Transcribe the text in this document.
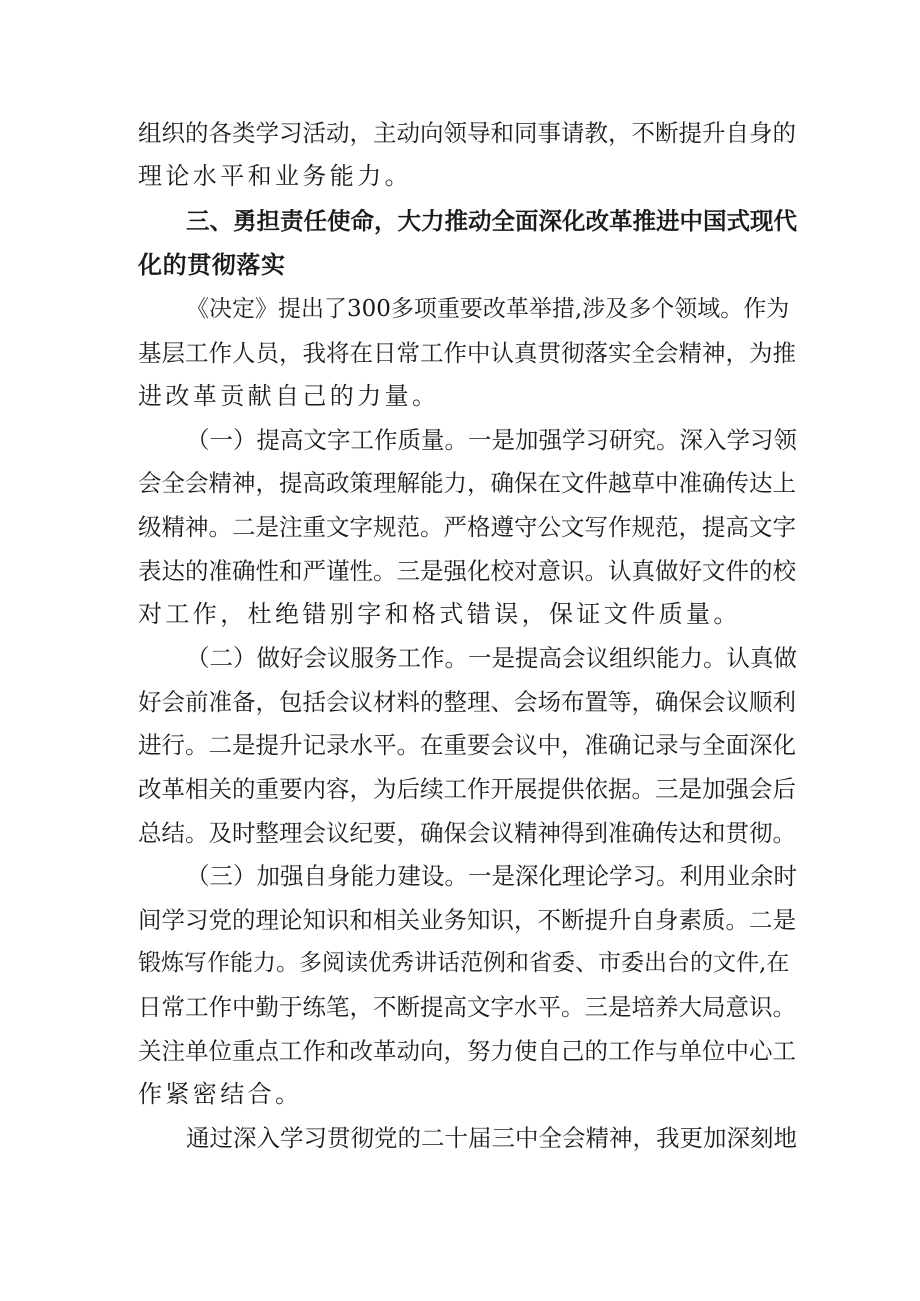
组织的各类学习活动，主动向领导和同事请教，不断提升自身的
理论水平和业务能力。
三、勇担责任使命，大力推动全面深化改革推进中国式现代
化的贯彻落实
《决定》提出了300多项重要改革举措,涉及多个领域。作为
基层工作人员，我将在日常工作中认真贯彻落实全会精神，为推
进改革贡献自己的力量。
（一）提高文字工作质量。一是加强学习研究。深入学习领
会全会精神，提高政策理解能力，确保在文件越草中准确传达上
级精神。二是注重文字规范。严格遵守公文写作规范，提高文字
表达的准确性和严谨性。三是强化校对意识。认真做好文件的校
对工作，杜绝错别字和格式错误，保证文件质量。
（二）做好会议服务工作。一是提高会议组织能力。认真做
好会前准备，包括会议材料的整理、会场布置等，确保会议顺利
进行。二是提升记录水平。在重要会议中，准确记录与全面深化
改革相关的重要内容，为后续工作开展提供依据。三是加强会后
总结。及时整理会议纪要，确保会议精神得到准确传达和贯彻。
（三）加强自身能力建设。一是深化理论学习。利用业余时
间学习党的理论知识和相关业务知识，不断提升自身素质。二是
锻炼写作能力。多阅读优秀讲话范例和省委、市委出台的文件,在
日常工作中勤于练笔，不断提高文字水平。三是培养大局意识。
关注单位重点工作和改革动向，努力使自己的工作与单位中心工
作紧密结合。
通过深入学习贯彻党的二十届三中全会精神，我更加深刻地
